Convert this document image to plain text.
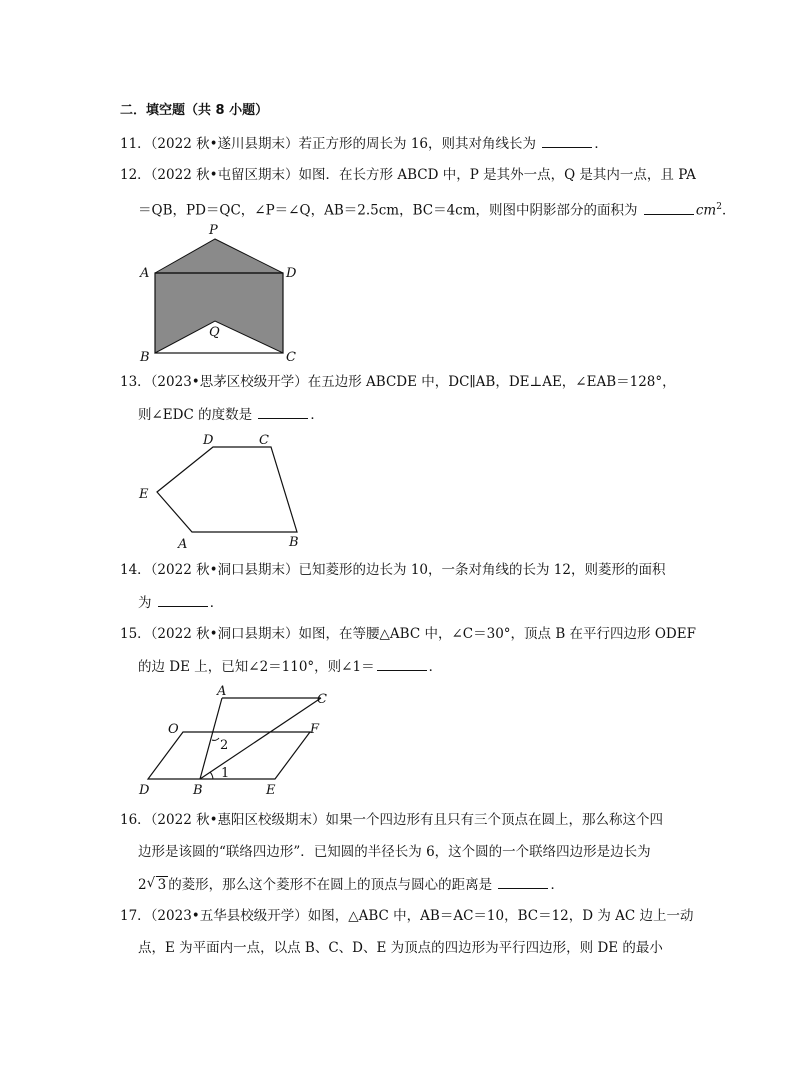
二．填空题（共 8 小题）
11．（2022 秋•遂川县期末）若正方形的周长为 16，则其对角线长为	．
12．（2022 秋•屯留区期末）如图．在长方形 ABCD 中，P 是其外一点，Q 是其内一点，且 PA
＝QB，PD＝QC，∠P＝∠Q，AB＝2.5cm，BC＝4cm，则图中阴影部分的面积为	$cm^2$．
P
A	D
Q
B	C
13．（2023•思茅区校级开学）在五边形 ABCDE 中，DC∥AB，DE⊥AE，∠EAB＝128°，
则∠EDC 的度数是	．
D	C
E
A	B
14．（2022 秋•洞口县期末）已知菱形的边长为 10，一条对角线的长为 12，则菱形的面积
为	．
15．（2022 秋•洞口县期末）如图，在等腰△ABC 中，∠C＝30°，顶点 B 在平行四边形 ODEF
的边 DE 上，已知∠2＝110°，则∠1＝	．
A
C
O	F
D	B	E
2
1
16．（2022 秋•惠阳区校级期末）如果一个四边形有且只有三个顶点在圆上，那么称这个四
边形是该圆的“联络四边形”．已知圆的半径长为 6，这个圆的一个联络四边形是边长为
2 √ 3 的菱形，那么这个菱形不在圆上的顶点与圆心的距离是	．
17．（2023•五华县校级开学）如图，△ABC 中，AB＝AC＝10，BC＝12，D 为 AC 边上一动
点，E 为平面内一点，以点 B、C、D、E 为顶点的四边形为平行四边形，则 DE 的最小
